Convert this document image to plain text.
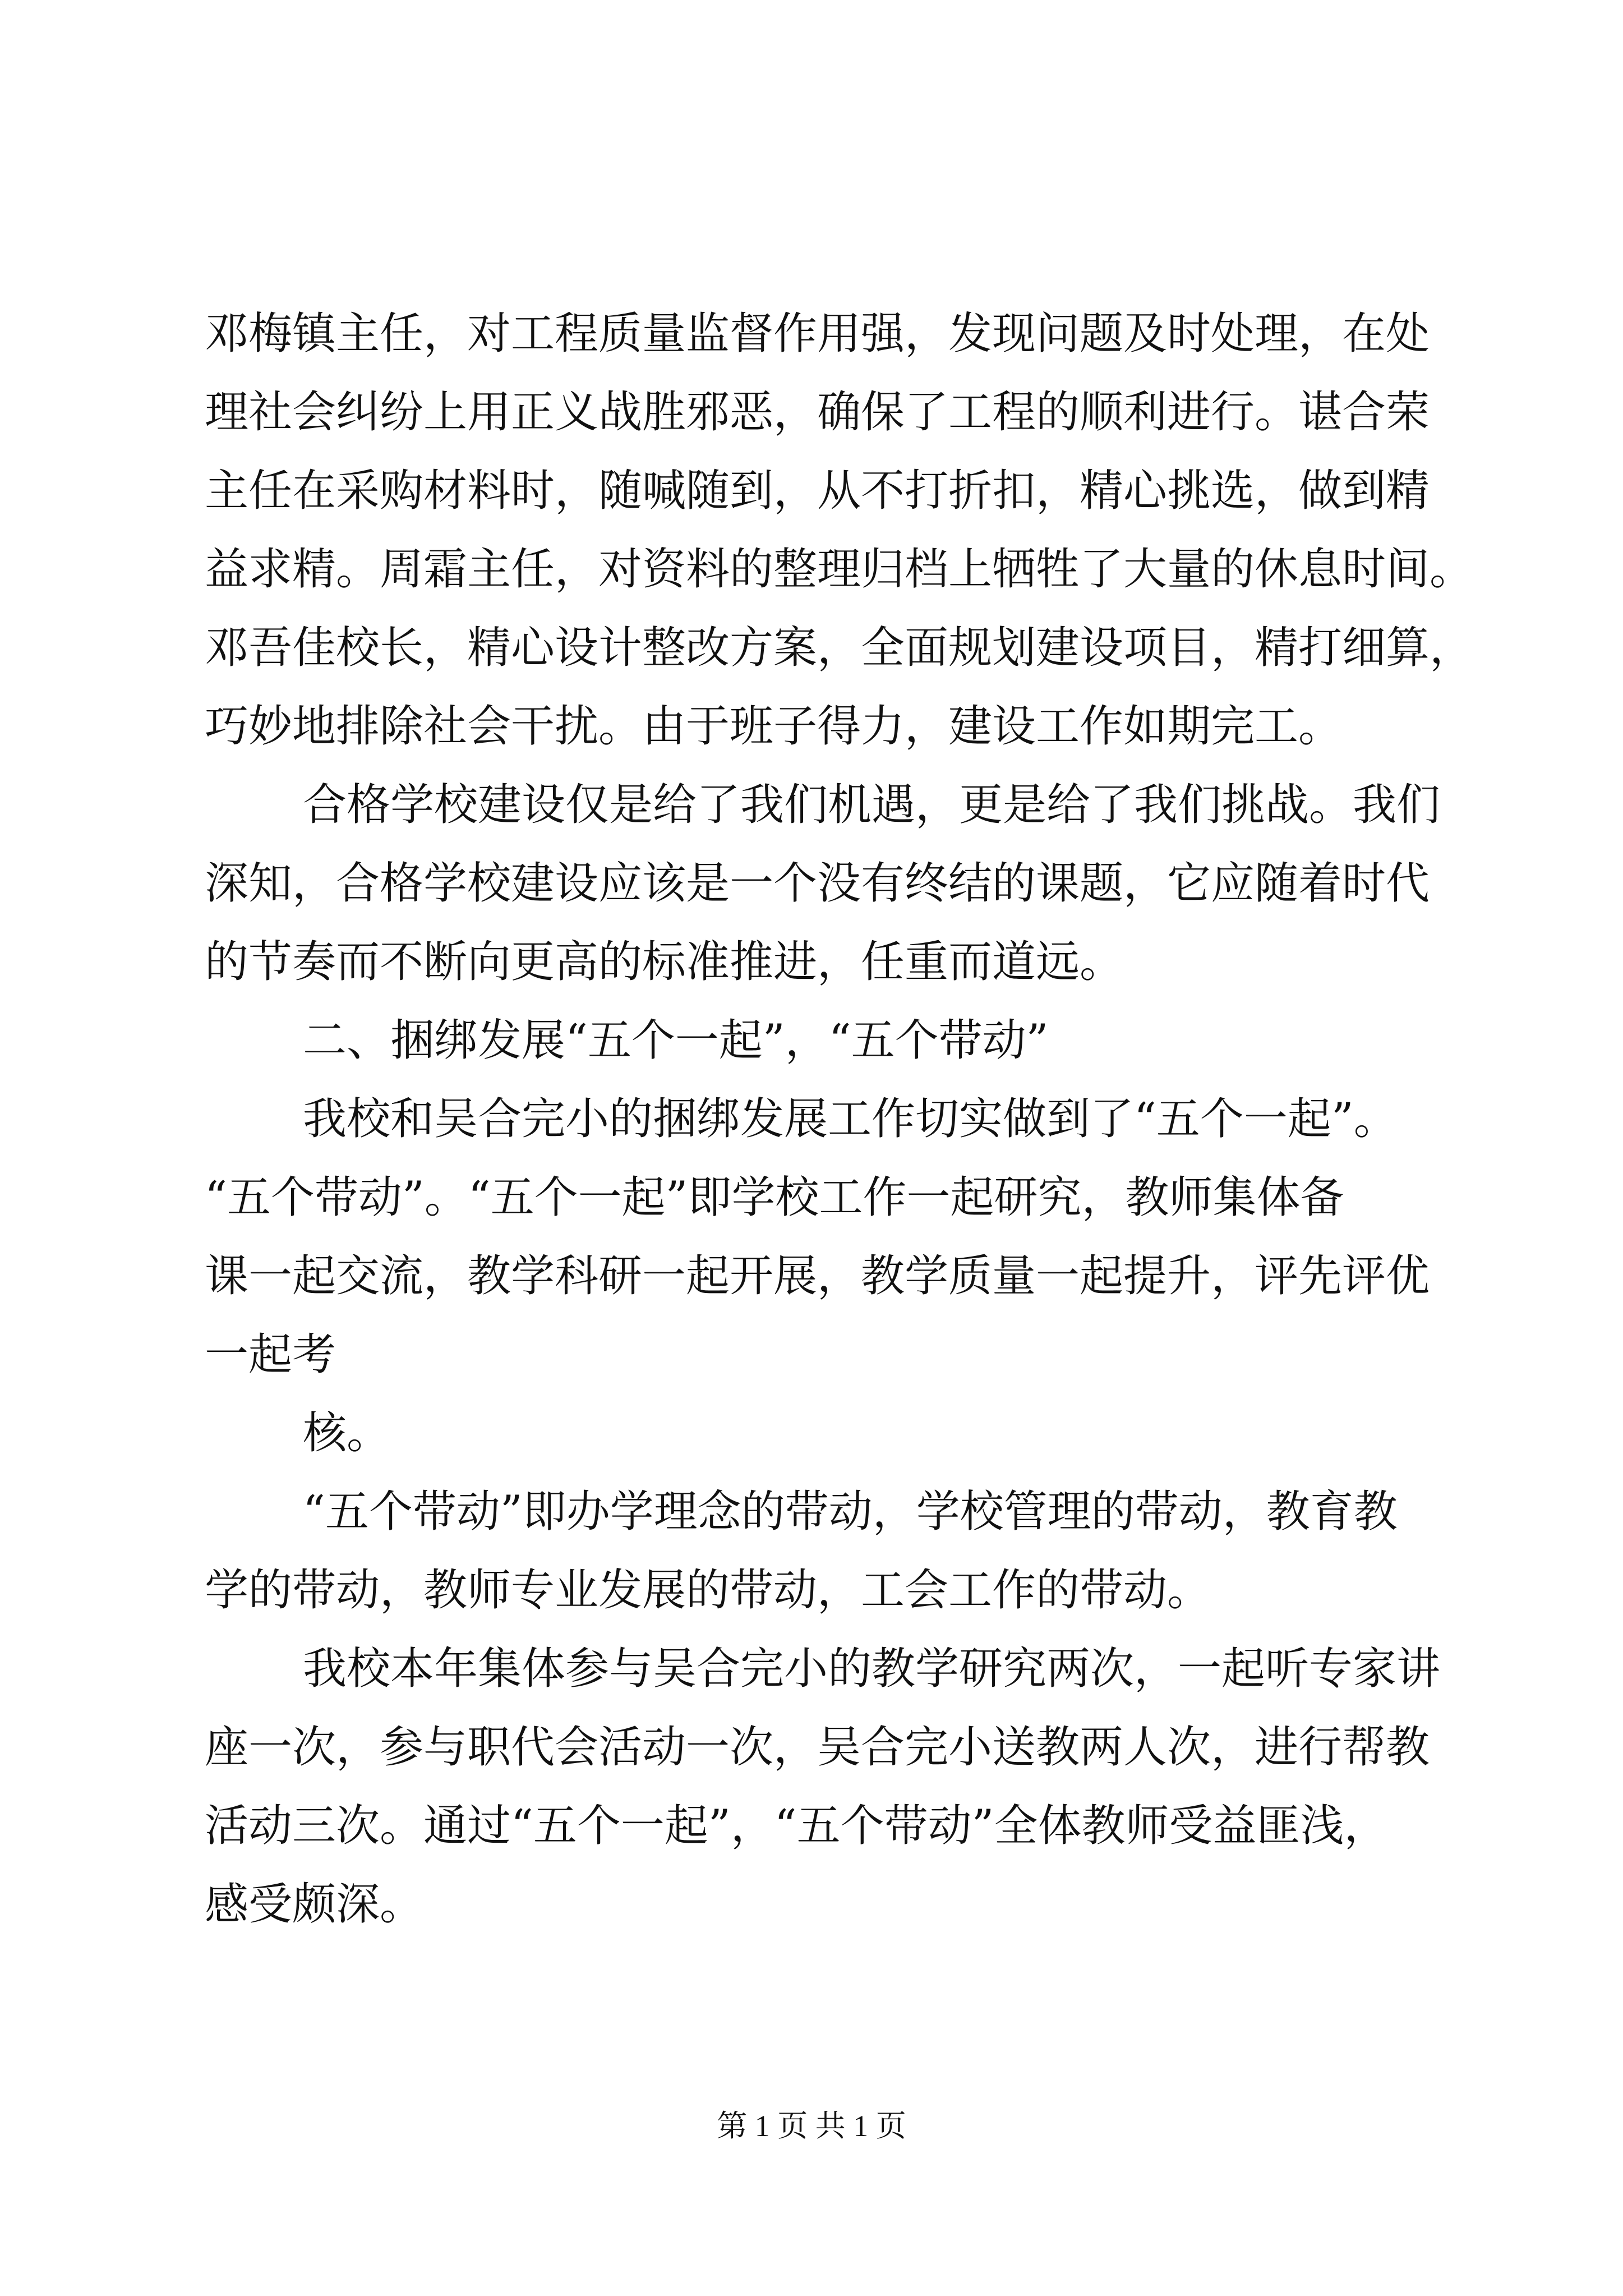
邓梅镇主任，对工程质量监督作用强，发现问题及时处理，在处
理社会纠纷上用正义战胜邪恶，确保了工程的顺利进行。谌合荣
主任在采购材料时，随喊随到，从不打折扣，精心挑选，做到精
益求精。周霜主任，对资料的整理归档上牺牲了大量的休息时间。
邓吾佳校长，精心设计整改方案，全面规划建设项目，精打细算，
巧妙地排除社会干扰。由于班子得力，建设工作如期完工。
合格学校建设仅是给了我们机遇，更是给了我们挑战。我们
深知，合格学校建设应该是一个没有终结的课题，它应随着时代
的节奏而不断向更高的标准推进，任重而道远。
二、捆绑发展“五个一起”，“五个带动”
我校和吴合完小的捆绑发展工作切实做到了“五个一起”。
“五个带动”。“五个一起”即学校工作一起研究，教师集体备
课一起交流，教学科研一起开展，教学质量一起提升，评先评优
一起考
核。
“五个带动”即办学理念的带动，学校管理的带动，教育教
学的带动，教师专业发展的带动，工会工作的带动。
我校本年集体参与吴合完小的教学研究两次，一起听专家讲
座一次，参与职代会活动一次，吴合完小送教两人次，进行帮教
活动三次。通过“五个一起”，“五个带动”全体教师受益匪浅，
感受颇深。
第 1 页 共 1 页
